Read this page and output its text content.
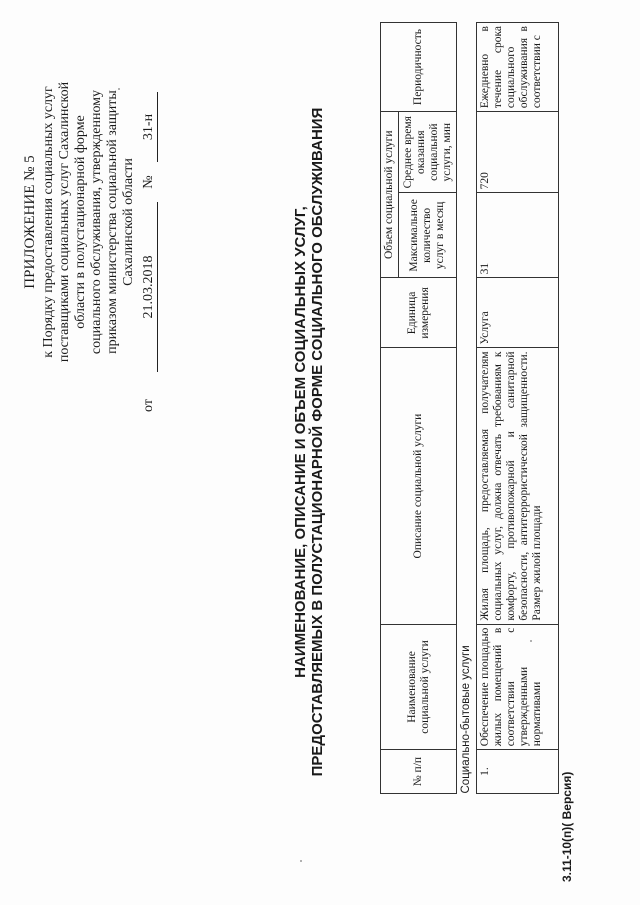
ПРИЛОЖЕНИЕ № 5 к Порядку предоставления социальных услуг поставщиками социальных услуг Сахалинской области в полустационарной форме социального обслуживания, утвержденному приказом министерства социальной защиты Сахалинской области
от
21.03.2018
№
31-н
НАИМЕНОВАНИЕ, ОПИСАНИЕ И ОБЪЕМ СОЦИАЛЬНЫХ УСЛУГ, ПРЕДОСТАВЛЯЕМЫХ В ПОЛУСТАЦИОНАРНОЙ ФОРМЕ СОЦИАЛЬНОГО ОБСЛУЖИВАНИЯ	№ п/п	Наименование социальной услуги	Описание социальной услуги	Единица измерения	Объем социальной услуги		Периодичность
				Максимальное количество услуг в месяц	Среднее время оказания социальной услуги, мин	
Социально-бытовые услуги						
1.	Обеспечение площадью жилых помещений в соответствии с утвержденными нормативами	Жилая площадь, предоставляемая получателям социальных услуг, должна отвечать требованиям к комфорту, противопожарной и санитарной безопасности, антитеррористической защищенности. Размер жилой площади	Услуга	31	720	Ежедневно в течение срока социального обслуживания в соответствии с
3.11-10(п)( Версия)
